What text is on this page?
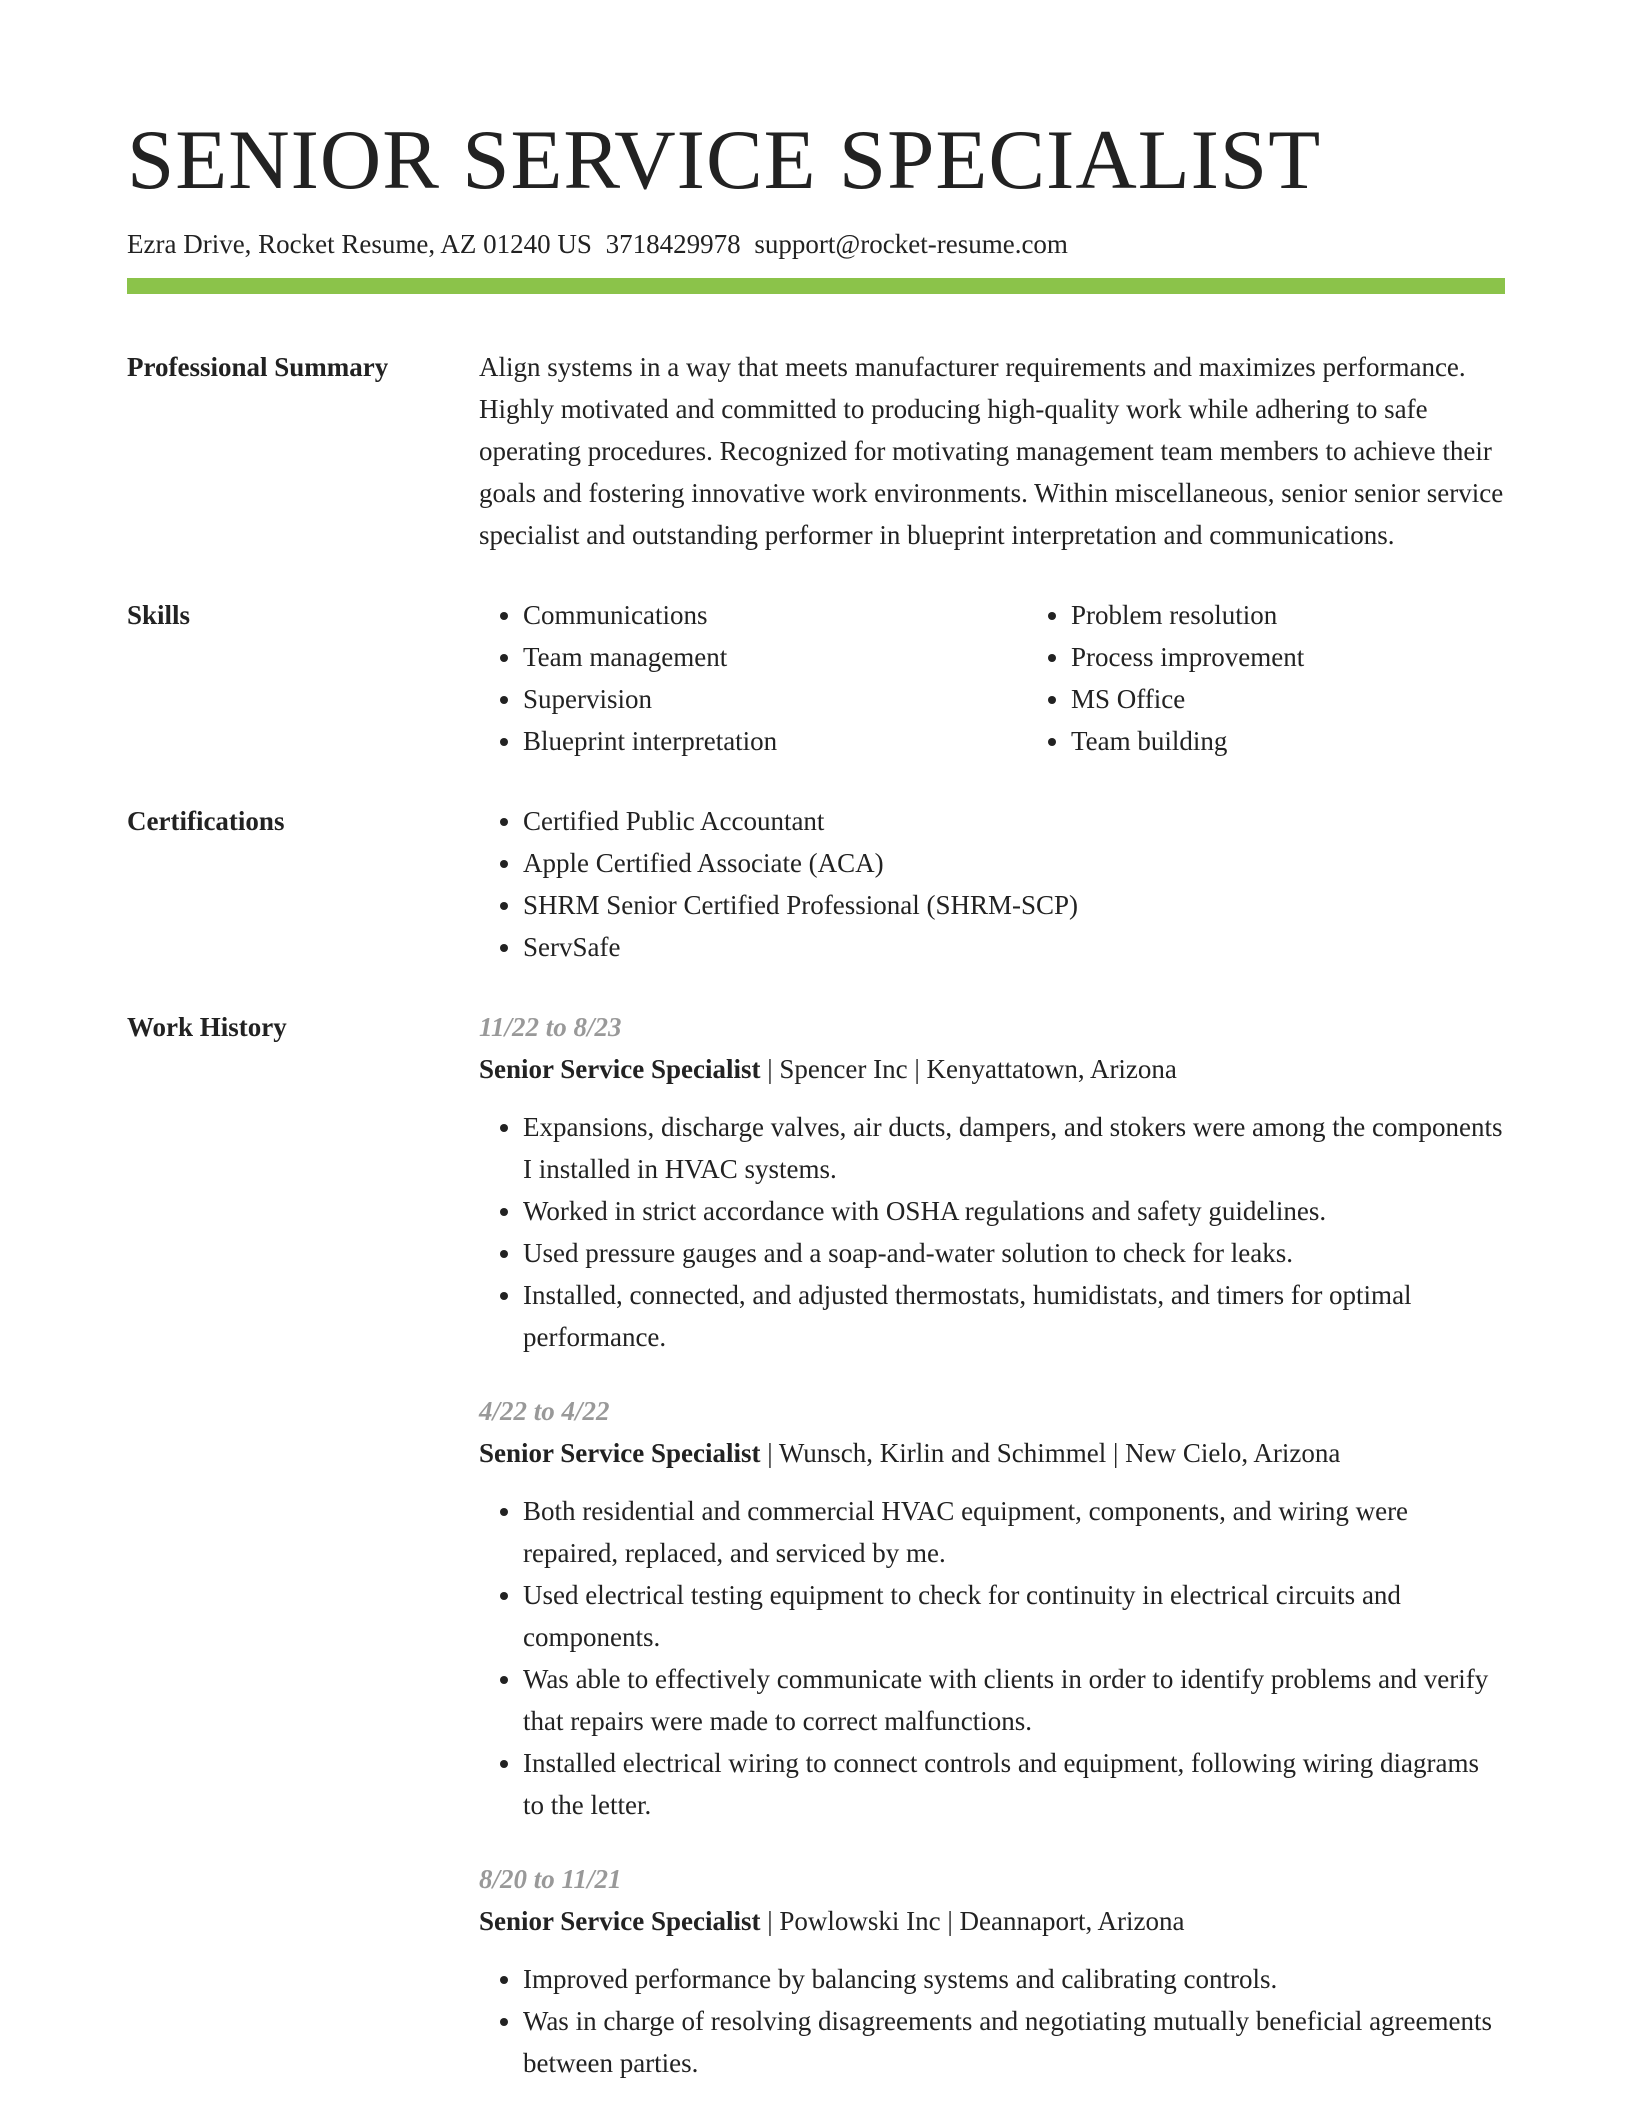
SENIOR SERVICE SPECIALIST
Ezra Drive, Rocket Resume, AZ 01240 US 3718429978 support@rocket-resume.com
Professional Summary	Align systems in a way that meets manufacturer requirements and maximizes performance. Highly motivated and committed to producing high-quality work while adhering to safe operating procedures. Recognized for motivating management team members to achieve their goals and fostering innovative work environments. Within miscellaneous, senior senior service specialist and outstanding performer in blueprint interpretation and communications.

Skills	• Communications
• Team management
• Supervision
• Blueprint interpretation
• Problem resolution
• Process improvement
• MS Office
• Team building
Certifications	• Certified Public Accountant
• Apple Certified Associate (ACA)
• SHRM Senior Certified Professional (SHRM-SCP)
• ServSafe
Work History	11/22 to 8/23
Senior Service Specialist | Spencer Inc | Kenyattatown, Arizona
• Expansions, discharge valves, air ducts, dampers, and stokers were among the components I installed in HVAC systems.
• Worked in strict accordance with OSHA regulations and safety guidelines.
• Used pressure gauges and a soap-and-water solution to check for leaks.
• Installed, connected, and adjusted thermostats, humidistats, and timers for optimal performance.
4/22 to 4/22
Senior Service Specialist | Wunsch, Kirlin and Schimmel | New Cielo, Arizona
• Both residential and commercial HVAC equipment, components, and wiring were repaired, replaced, and serviced by me.
• Used electrical testing equipment to check for continuity in electrical circuits and components.
• Was able to effectively communicate with clients in order to identify problems and verify that repairs were made to correct malfunctions.
• Installed electrical wiring to connect controls and equipment, following wiring diagrams to the letter.
8/20 to 11/21
Senior Service Specialist | Powlowski Inc | Deannaport, Arizona
• Improved performance by balancing systems and calibrating controls.
• Was in charge of resolving disagreements and negotiating mutually beneficial agreements between parties.
